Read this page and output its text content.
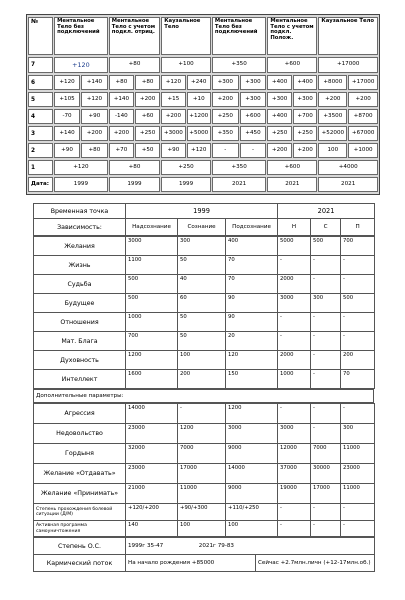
№	Ментальное Тело без подключений		Ментальное Тело с учетом подкл. отриц.		Каузальное Тело		Ментальное Тело без подключений		Ментальное Тело с учетом подкл. Полож.		Каузальное Тело	
7	+120		+80		+100		+350		+600		+17000	
6	+120	+140	+80	+80	+120	+240	+300	+300	+400	+400	+8000	+17000
5	+105	+120	+140	+200	+15	+10	+200	+300	+300	+300	+200	+200
4	-70	+90	-140	+60	+200	+1200	+250	+600	+400	+700	+3500	+8700
3	+140	+200	+200	+250	+3000	+5000	+350	+450	+250	+250	+52000	+67000
2	+90	+80	+70	+50	+90	+120	-	-	+200	+200	100	+1000
1	+120		+80		+250		+350		+600		+4000	
Дата:	1999		1999		1999		2021		2021		2021	
Временная точка	1999			2021		
Зависимость:	Надсознание	Сознание	Подсознание	Н	С	П
Желания	3000	300	400	5000	500	700
Жизнь	1100	50	70	-	-	-
Судьба	500	40	70	2000	-	-
Будущее	500	60	90	3000	300	500
Отношения	1000	50	90	-	-	-
Мат. Блага	700	50	20	-	-	-
Духовность	1200	100	120	2000	-	200
Интеллект	1600	200	150	1000	-	70
Дополнительные параметры:
Агрессия	14000	-	1200	-	-	-
Недовольство	23000	1200	3000	3000	-	300
Гордыня	32000	7000	9000	12000	7000	11000
Желание «Отдавать»	23000	17000	14000	37000	30000	23000
Желание «Принимать»	21000	11000	9000	19000	17000	11000
Степень прохождения болевой ситуации (Д/М)	+120/+200	+90/+300	+110/+250	-	-	-
Активная программа самоуничтожения	140	100	100	-	-	-
Степень О.С.	1999г 35-47                    2021г 79-83	
Кармический поток	На начало рождения +85000	Сейчас +2.7млн.личн (+12-17млн.об.)
